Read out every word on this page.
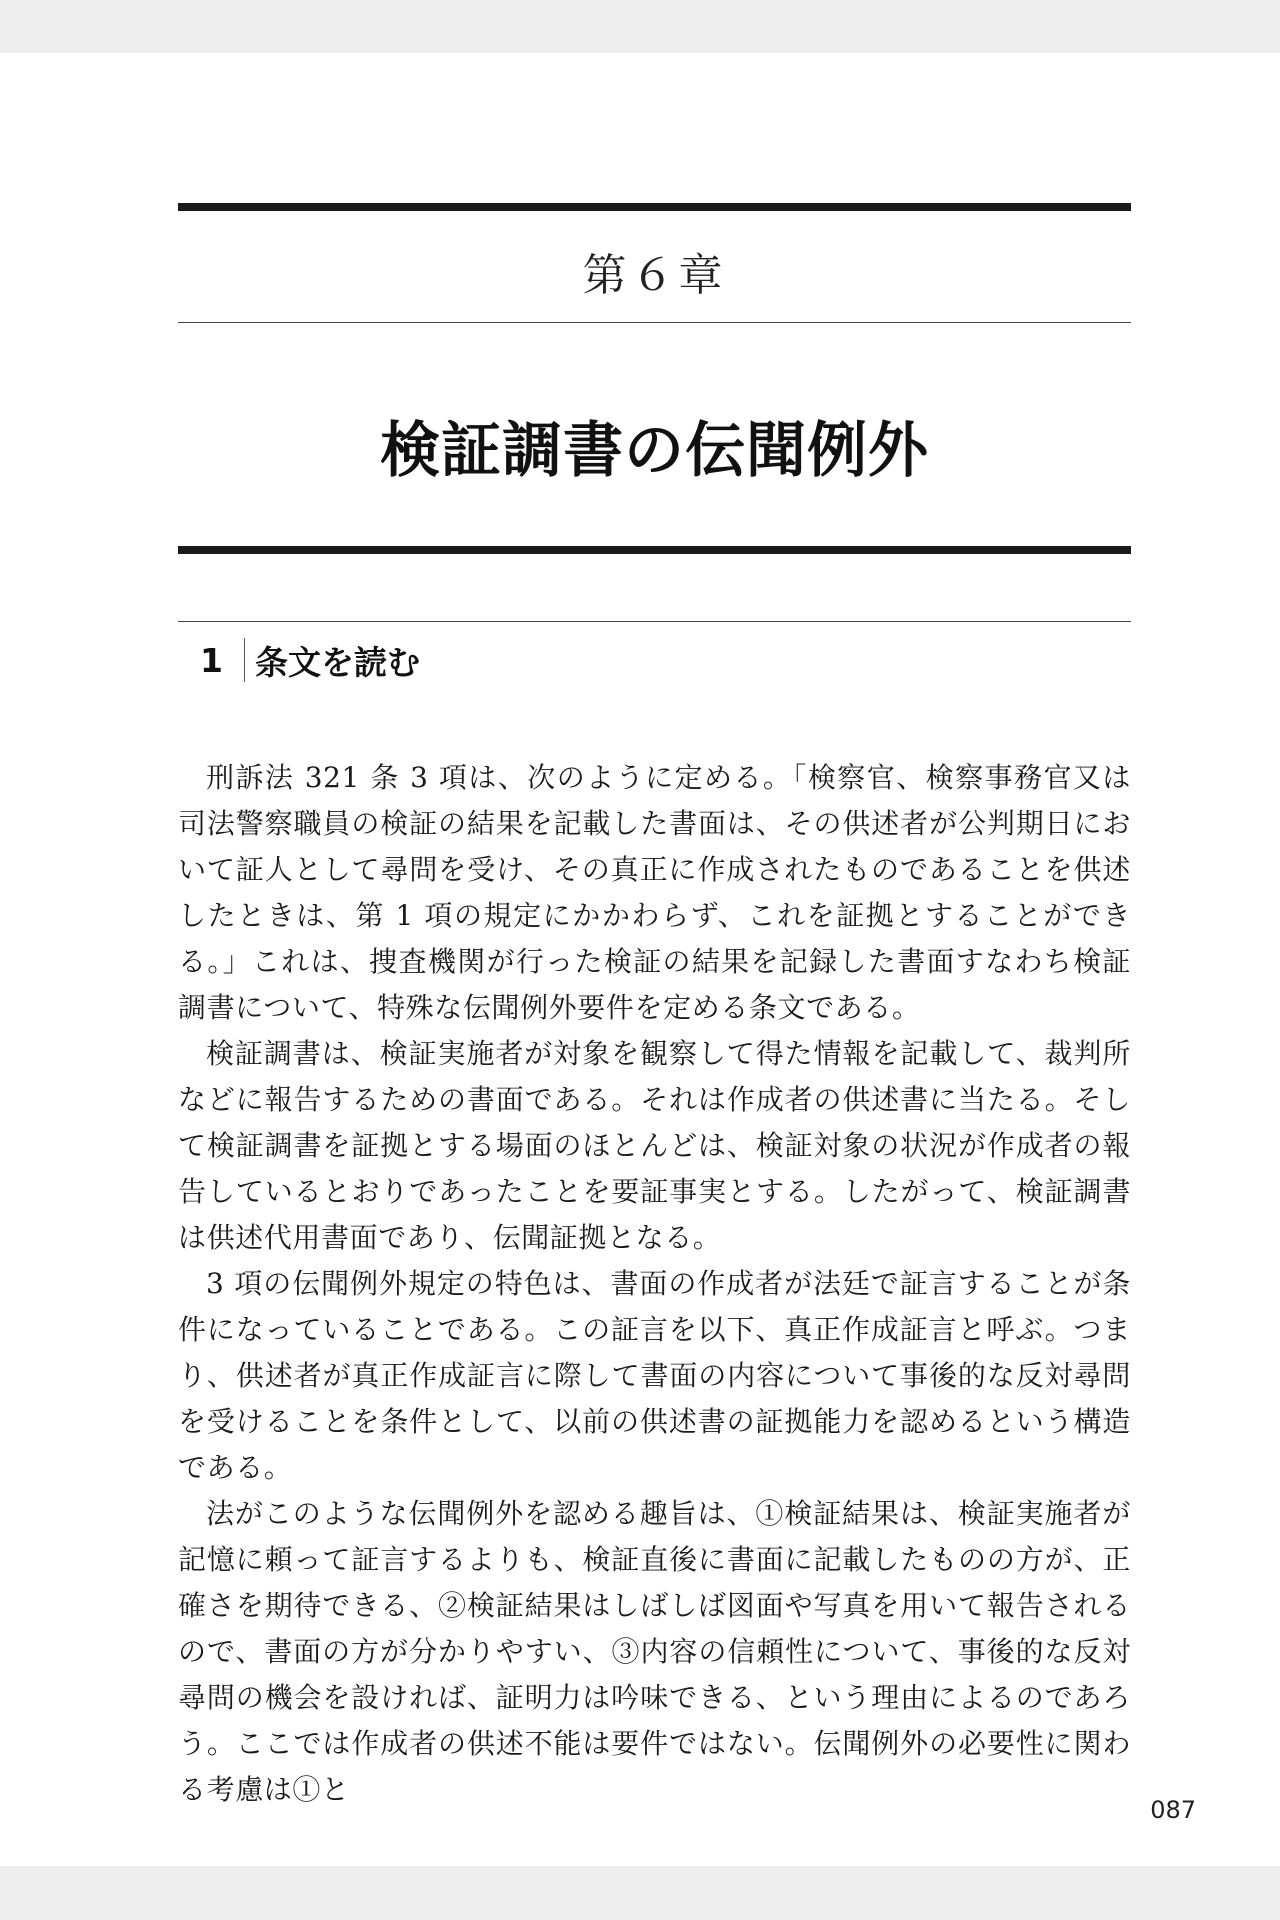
第６章
検証調書の伝聞例外
1 条文を読む

刑訴法 321 条 3 項は、次のように定める。「検察官、検察事務官又は司法警察職員の検証の結果を記載した書面は、その供述者が公判期日において証人として尋問を受け、その真正に作成されたものであることを供述したときは、第 1 項の規定にかかわらず、これを証拠とすることができる。」これは、捜査機関が行った検証の結果を記録した書面すなわち検証調書について、特殊な伝聞例外要件を定める条文である。

検証調書は、検証実施者が対象を観察して得た情報を記載して、裁判所などに報告するための書面である。それは作成者の供述書に当たる。そして検証調書を証拠とする場面のほとんどは、検証対象の状況が作成者の報告しているとおりであったことを要証事実とする。したがって、検証調書は供述代用書面であり、伝聞証拠となる。

3 項の伝聞例外規定の特色は、書面の作成者が法廷で証言することが条件になっていることである。この証言を以下、真正作成証言と呼ぶ。つまり、供述者が真正作成証言に際して書面の内容について事後的な反対尋問を受けることを条件として、以前の供述書の証拠能力を認めるという構造である。

法がこのような伝聞例外を認める趣旨は、①検証結果は、検証実施者が記憶に頼って証言するよりも、検証直後に書面に記載したものの方が、正確さを期待できる、②検証結果はしばしば図面や写真を用いて報告されるので、書面の方が分かりやすい、③内容の信頼性について、事後的な反対尋問の機会を設ければ、証明力は吟味できる、という理由によるのであろう。ここでは作成者の供述不能は要件ではない。伝聞例外の必要性に関わる考慮は①と

087
